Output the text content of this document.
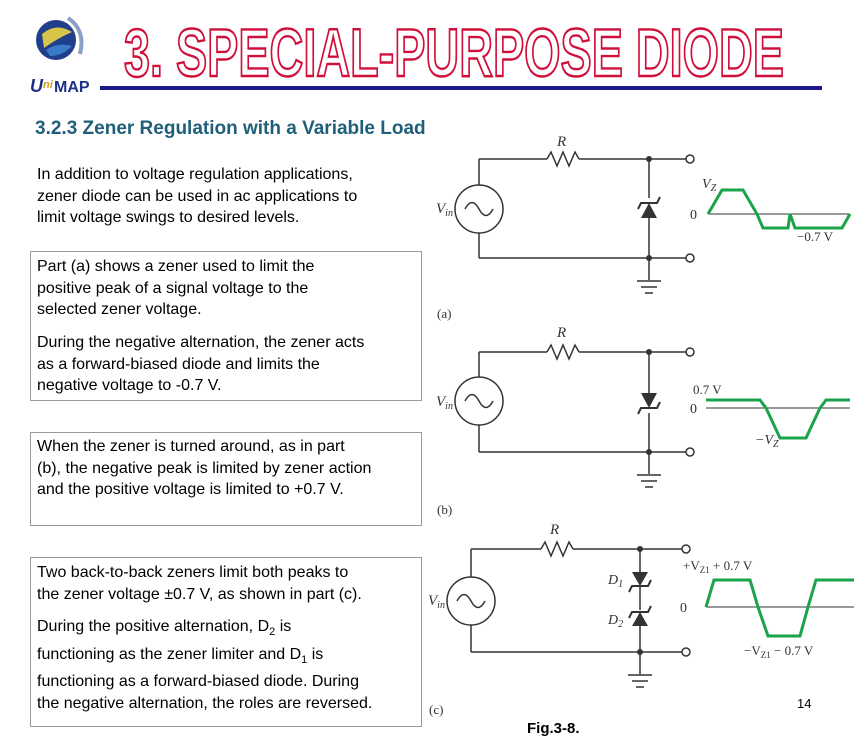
U ni MAP 3. SPECIAL-PURPOSE DIODE
3.2.3 Zener Regulation with a Variable Load
In addition to voltage regulation applications,
zener diode can be used in ac applications to
limit voltage swings to desired levels.
Part (a) shows a zener used to limit the
positive peak of a signal voltage to the
selected zener voltage.
During the negative alternation, the zener acts
as a forward-biased diode and limits the
negative voltage to -0.7 V.
When the zener is turned around, as in part
(b), the negative peak is limited by zener action
and the positive voltage is limited to +0.7 V.
Two back-to-back zeners limit both peaks to
the zener voltage ±0.7 V, as shown in part (c).
During the positive alternation, $D_2$ is
functioning as the zener limiter and $D_1$ is
functioning as a forward-biased diode. During
the negative alternation, the roles are reversed.
R
$V_{in}$
$V_Z$
0
−0.7 V
(a)
R
$V_{in}$
0.7 V
0
$-V_Z$
(b)
R
$V_{in}$
$D_1$
$D_2$
$+V_{Z1} + 0.7$ V
0
$-V_{Z1} - 0.7$ V
(c)	14
Fig.3-8.
